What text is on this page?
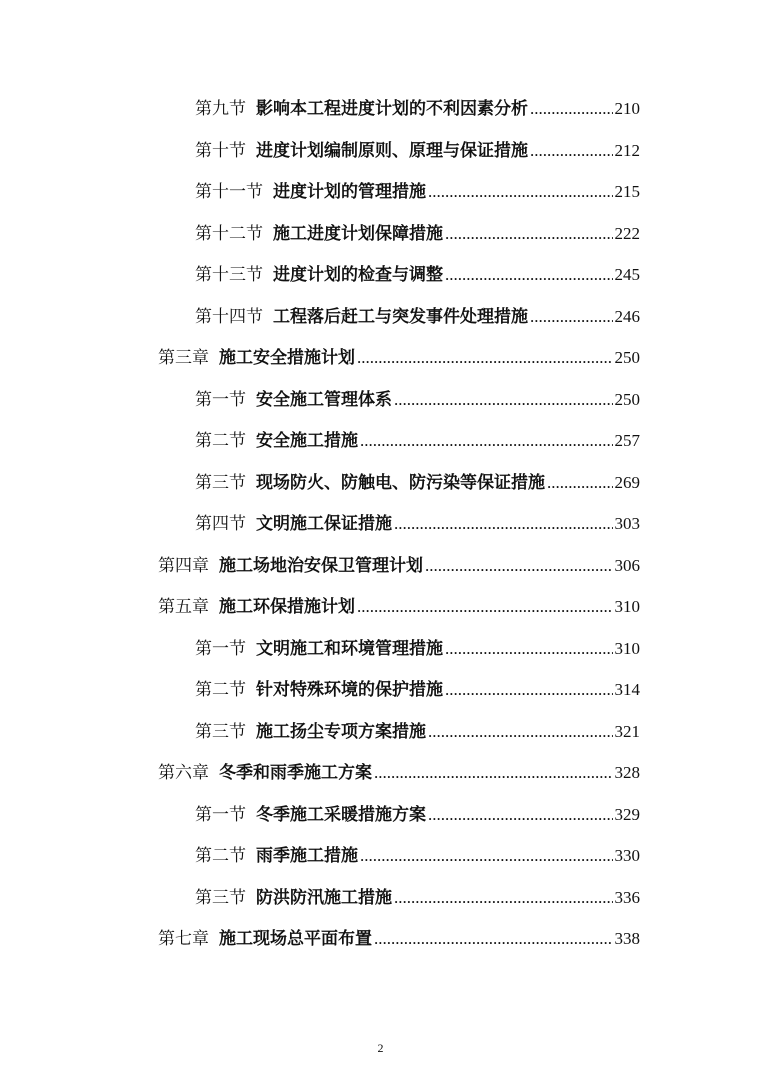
第九节 影响本工程进度计划的不利因素分析 .....	210
第十节 进度计划编制原则、原理与保证措施 .....	212
第十一节 进度计划的管理措施 .....	215
第十二节 施工进度计划保障措施 .....	222
第十三节 进度计划的检查与调整 .....	245
第十四节 工程落后赶工与突发事件处理措施 .....	246
第三章 施工安全措施计划 .....	250
第一节 安全施工管理体系 .....	250
第二节 安全施工措施 .....	257
第三节 现场防火、防触电、防污染等保证措施 .....	269
第四节 文明施工保证措施 .....	303
第四章 施工场地治安保卫管理计划 .....	306
第五章 施工环保措施计划 .....	310
第一节 文明施工和环境管理措施 .....	310
第二节 针对特殊环境的保护措施 .....	314
第三节 施工扬尘专项方案措施 .....	321
第六章 冬季和雨季施工方案 .....	328
第一节 冬季施工采暖措施方案 .....	329
第二节 雨季施工措施 .....	330
第三节 防洪防汛施工措施 .....	336
第七章 施工现场总平面布置 .....	338
2
